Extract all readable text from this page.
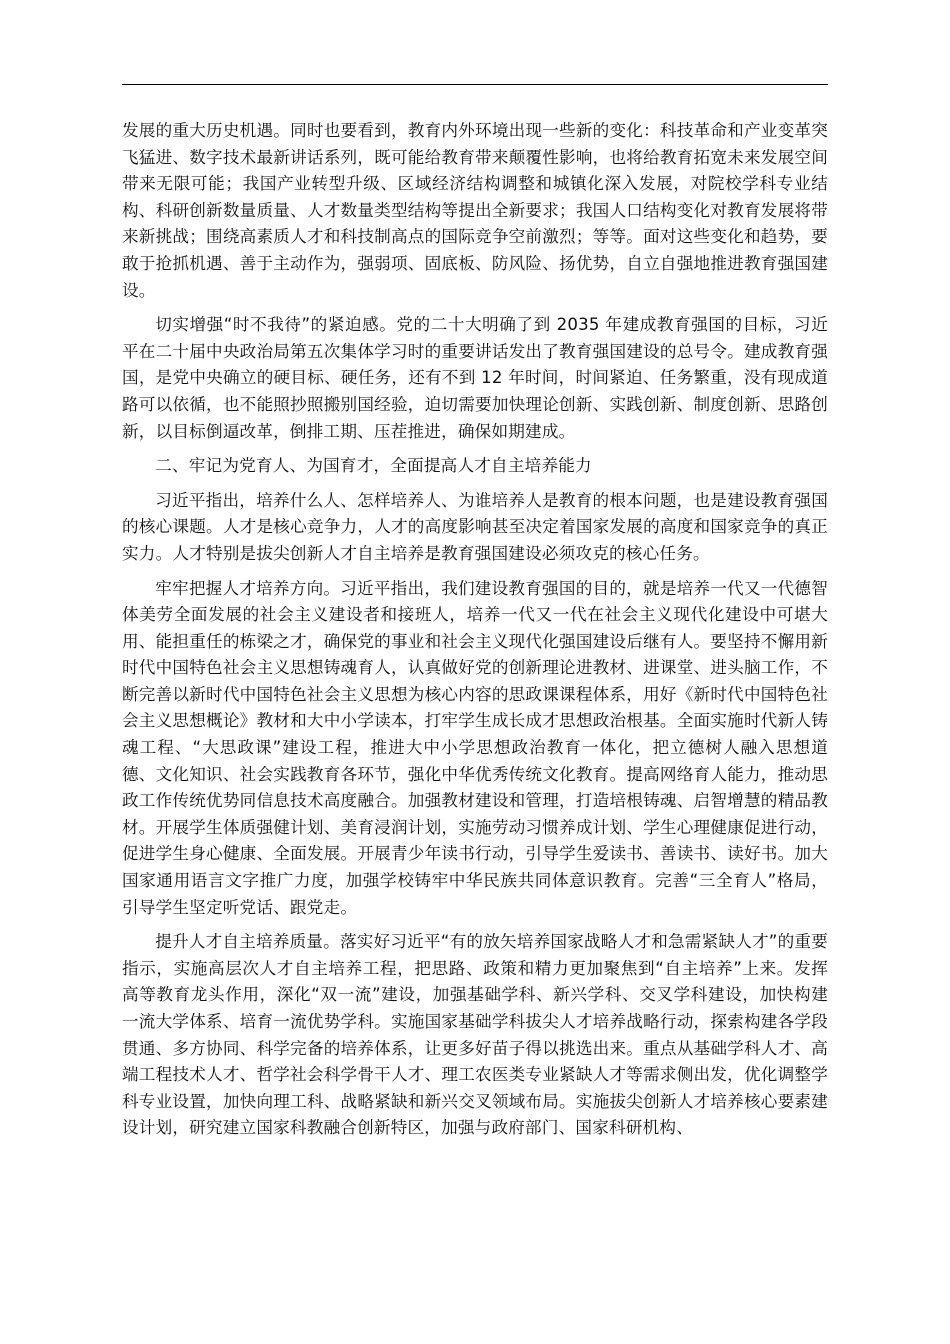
发展的重大历史机遇。同时也要看到，教育内外环境出现一些新的变化：科技革命和产业变革突飞猛进、数字技术最新讲话系列，既可能给教育带来颠覆性影响，也将给教育拓宽未来发展空间带来无限可能；我国产业转型升级、区域经济结构调整和城镇化深入发展，对院校学科专业结构、科研创新数量质量、人才数量类型结构等提出全新要求；我国人口结构变化对教育发展将带来新挑战；围绕高素质人才和科技制高点的国际竞争空前激烈；等等。面对这些变化和趋势，要敢于抢抓机遇、善于主动作为，强弱项、固底板、防风险、扬优势，自立自强地推进教育强国建设。

切实增强“时不我待”的紧迫感。党的二十大明确了到 2035 年建成教育强国的目标，习近平在二十届中央政治局第五次集体学习时的重要讲话发出了教育强国建设的总号令。建成教育强国，是党中央确立的硬目标、硬任务，还有不到 12 年时间，时间紧迫、任务繁重，没有现成道路可以依循，也不能照抄照搬别国经验，迫切需要加快理论创新、实践创新、制度创新、思路创新，以目标倒逼改革，倒排工期、压茬推进，确保如期建成。

二、牢记为党育人、为国育才，全面提高人才自主培养能力

习近平指出，培养什么人、怎样培养人、为谁培养人是教育的根本问题，也是建设教育强国的核心课题。人才是核心竞争力，人才的高度影响甚至决定着国家发展的高度和国家竞争的真正实力。人才特别是拔尖创新人才自主培养是教育强国建设必须攻克的核心任务。

牢牢把握人才培养方向。习近平指出，我们建设教育强国的目的，就是培养一代又一代德智体美劳全面发展的社会主义建设者和接班人，培养一代又一代在社会主义现代化建设中可堪大用、能担重任的栋梁之才，确保党的事业和社会主义现代化强国建设后继有人。要坚持不懈用新时代中国特色社会主义思想铸魂育人，认真做好党的创新理论进教材、进课堂、进头脑工作，不断完善以新时代中国特色社会主义思想为核心内容的思政课课程体系，用好《新时代中国特色社会主义思想概论》教材和大中小学读本，打牢学生成长成才思想政治根基。全面实施时代新人铸魂工程、“大思政课”建设工程，推进大中小学思想政治教育一体化，把立德树人融入思想道德、文化知识、社会实践教育各环节，强化中华优秀传统文化教育。提高网络育人能力，推动思政工作传统优势同信息技术高度融合。加强教材建设和管理，打造培根铸魂、启智增慧的精品教材。开展学生体质强健计划、美育浸润计划，实施劳动习惯养成计划、学生心理健康促进行动，促进学生身心健康、全面发展。开展青少年读书行动，引导学生爱读书、善读书、读好书。加大国家通用语言文字推广力度，加强学校铸牢中华民族共同体意识教育。完善“三全育人”格局，引导学生坚定听党话、跟党走。

提升人才自主培养质量。落实好习近平“有的放矢培养国家战略人才和急需紧缺人才”的重要指示，实施高层次人才自主培养工程，把思路、政策和精力更加聚焦到“自主培养”上来。发挥高等教育龙头作用，深化“双一流”建设，加强基础学科、新兴学科、交叉学科建设，加快构建一流大学体系、培育一流优势学科。实施国家基础学科拔尖人才培养战略行动，探索构建各学段贯通、多方协同、科学完备的培养体系，让更多好苗子得以挑选出来。重点从基础学科人才、高端工程技术人才、哲学社会科学骨干人才、理工农医类专业紧缺人才等需求侧出发，优化调整学科专业设置，加快向理工科、战略紧缺和新兴交叉领域布局。实施拔尖创新人才培养核心要素建设计划，研究建立国家科教融合创新特区，加强与政府部门、国家科研机构、
